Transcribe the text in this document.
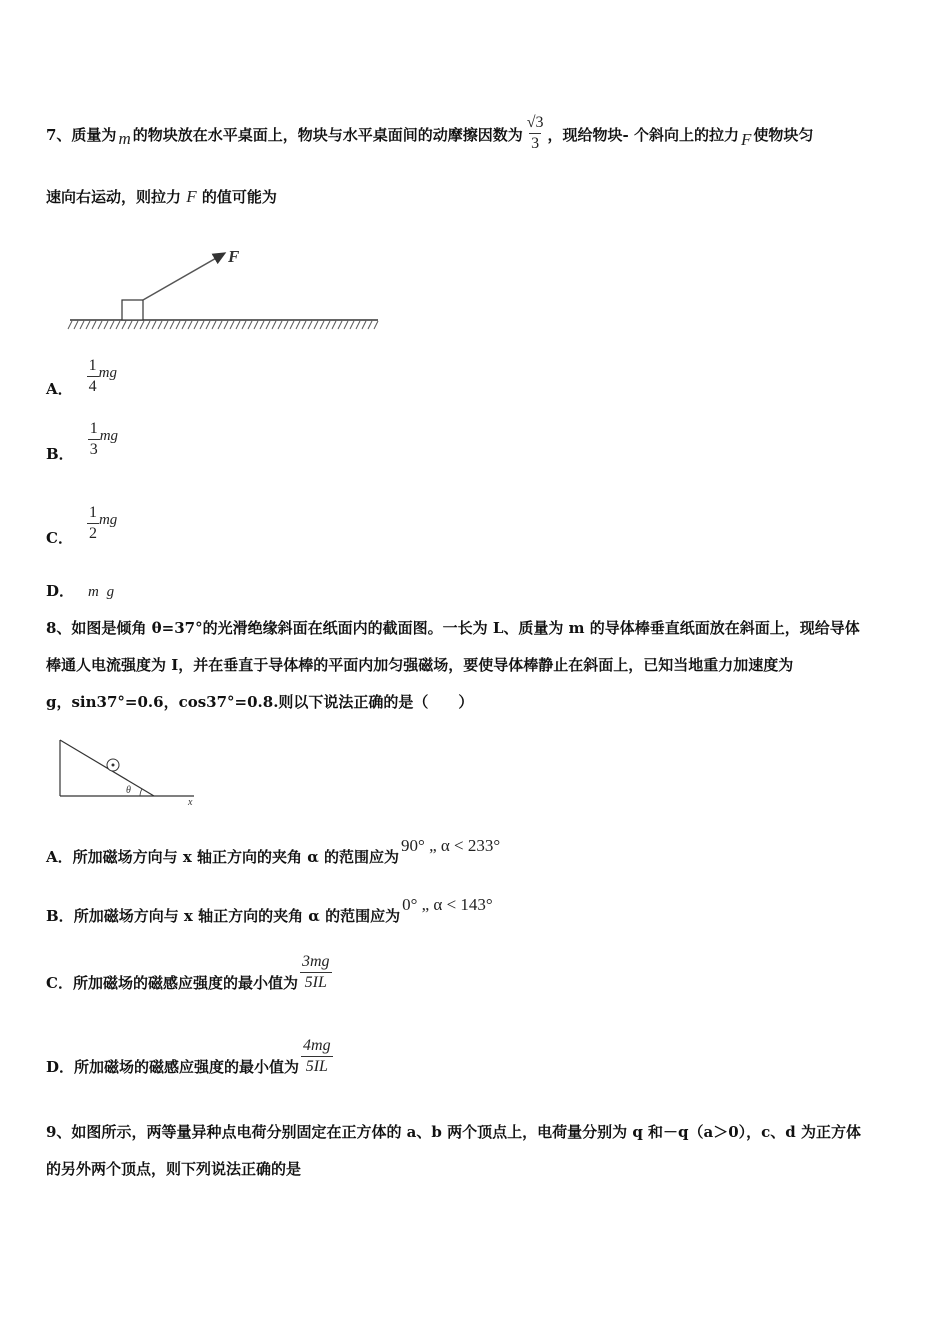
7、质量为 m 的物块放在水平桌面上，物块与水平桌面间的动摩擦因数为 $\frac{√3}{3}$ ，现给物块- 个斜向上的拉力 F 使物块匀
速向右运动，则拉力 F 的值可能为
F
A． $\frac{1}{4}$ mg
B． $\frac{1}{3}$ mg
C． $\frac{1}{2}$ mg
D． m g
8、如图是倾角 θ=37°的光滑绝缘斜面在纸面内的截面图。一长为 L、质量为 m 的导体棒垂直纸面放在斜面上，现给导体
棒通人电流强度为 I，并在垂直于导体棒的平面内加匀强磁场，要使导体棒静止在斜面上，已知当地重力加速度为
g，sin37°=0.6，cos37°=0.8.则以下说法正确的是（　　）
θ
x
A． 所加磁场方向与 x 轴正方向的夹角 α 的范围应为
90° „ α < 233°
B． 所加磁场方向与 x 轴正方向的夹角 α 的范围应为
0° „ α < 143°
C． 所加磁场的磁感应强度的最小值为 $\frac{3mg}{5IL}$
D． 所加磁场的磁感应强度的最小值为 $\frac{4mg}{5IL}$
9、如图所示，两等量异种点电荷分别固定在正方体的 a、b 两个顶点上，电荷量分别为 q 和－q（a＞0），c、d 为正方体
的另外两个顶点，则下列说法正确的是
